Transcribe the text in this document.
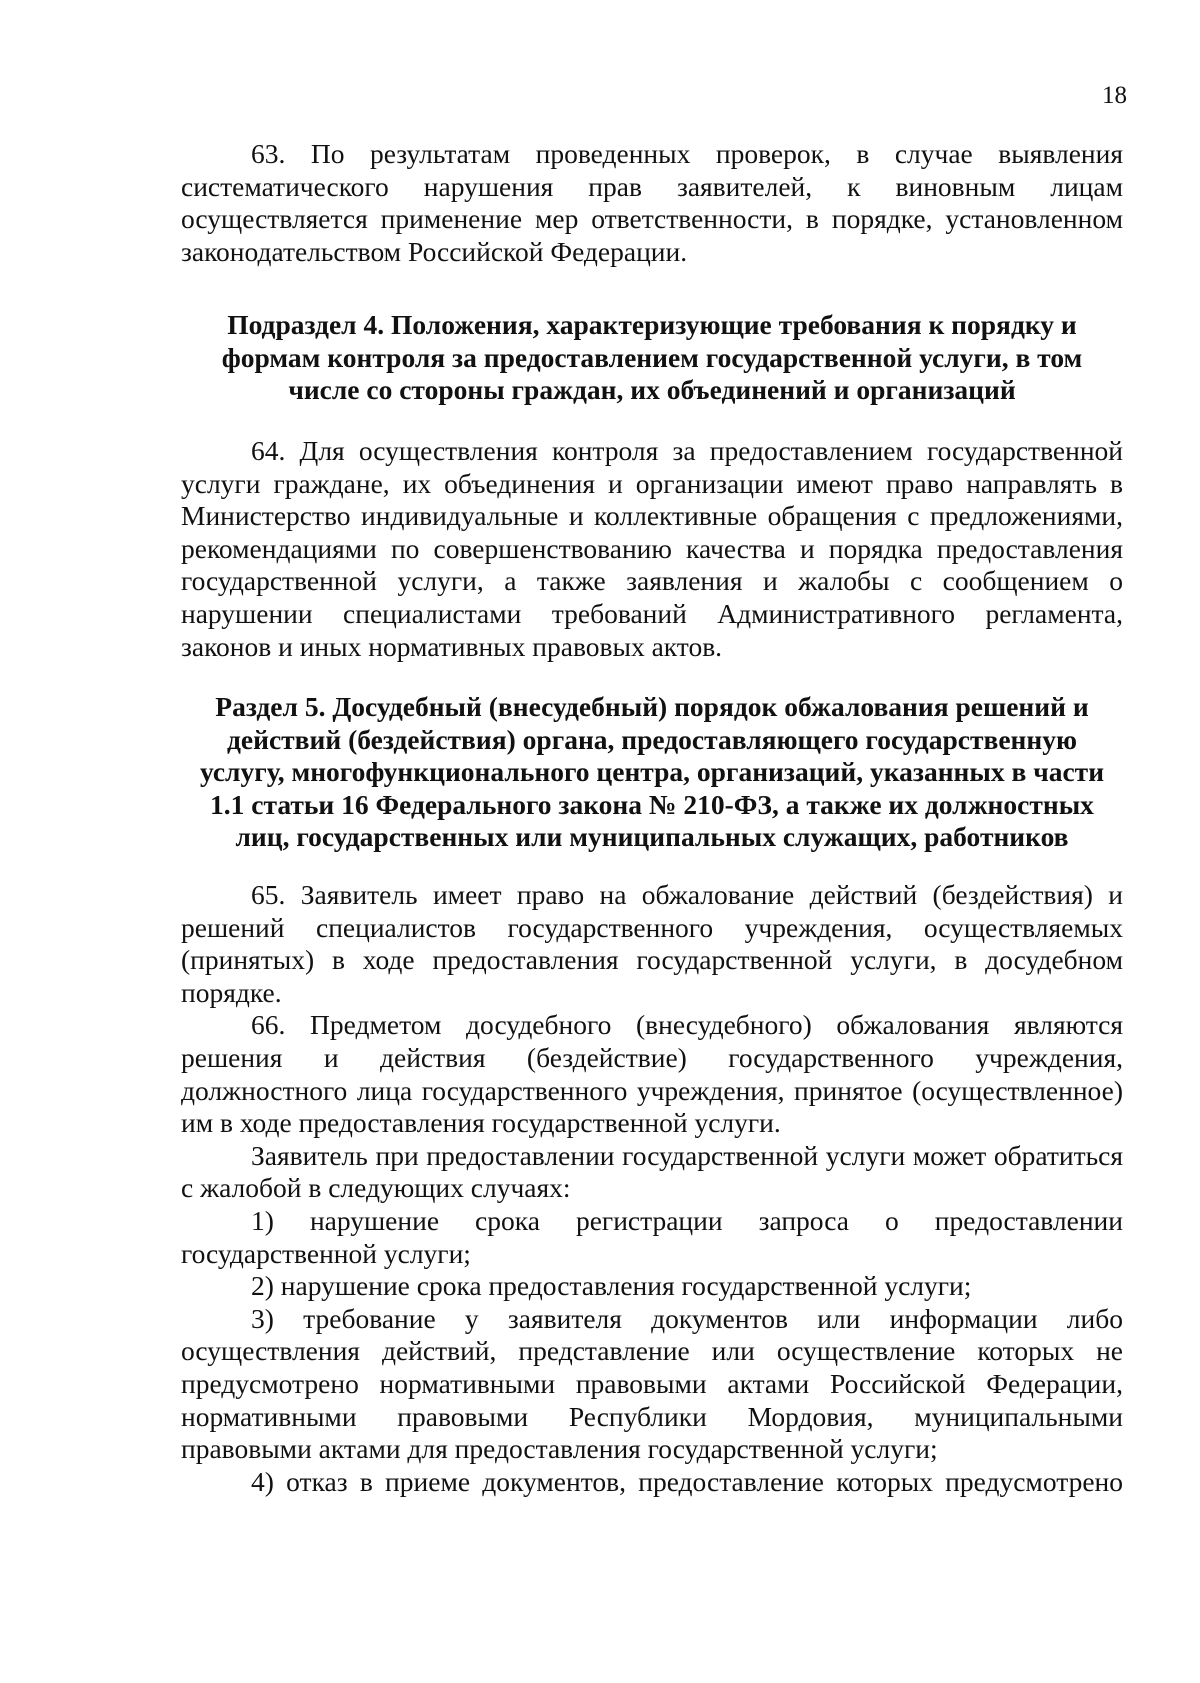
18

63. По результатам проведенных проверок, в случае выявления систематического нарушения прав заявителей, к виновным лицам осуществляется применение мер ответственности, в порядке, установленном законодательством Российской Федерации.

Подраздел 4. Положения, характеризующие требования к порядку и
формам контроля за предоставлением государственной услуги, в том
числе со стороны граждан, их объединений и организаций

64. Для осуществления контроля за предоставлением государственной услуги граждане, их объединения и организации имеют право направлять в Министерство индивидуальные и коллективные обращения с предложениями, рекомендациями по совершенствованию качества и порядка предоставления государственной услуги, а также заявления и жалобы с сообщением о нарушении специалистами требований Административного регламента, законов и иных нормативных правовых актов.

Раздел 5. Досудебный (внесудебный) порядок обжалования решений и
действий (бездействия) органа, предоставляющего государственную
услугу, многофункционального центра, организаций, указанных в части
1.1 статьи 16 Федерального закона № 210-ФЗ, а также их должностных
лиц, государственных или муниципальных служащих, работников

65. Заявитель имеет право на обжалование действий (бездействия) и решений специалистов государственного учреждения, осуществляемых (принятых) в ходе предоставления государственной услуги, в досудебном порядке.

66. Предметом досудебного (внесудебного) обжалования являются решения и действия (бездействие) государственного учреждения, должностного лица государственного учреждения, принятое (осуществленное) им в ходе предоставления государственной услуги.

Заявитель при предоставлении государственной услуги может обратиться с жалобой в следующих случаях:

1) нарушение срока регистрации запроса о предоставлении государственной услуги;

2) нарушение срока предоставления государственной услуги;

3) требование у заявителя документов или информации либо осуществления действий, представление или осуществление которых не предусмотрено нормативными правовыми актами Российской Федерации, нормативными правовыми Республики Мордовия, муниципальными правовыми актами для предоставления государственной услуги;

4) отказ в приеме документов, предоставление которых предусмотрено
